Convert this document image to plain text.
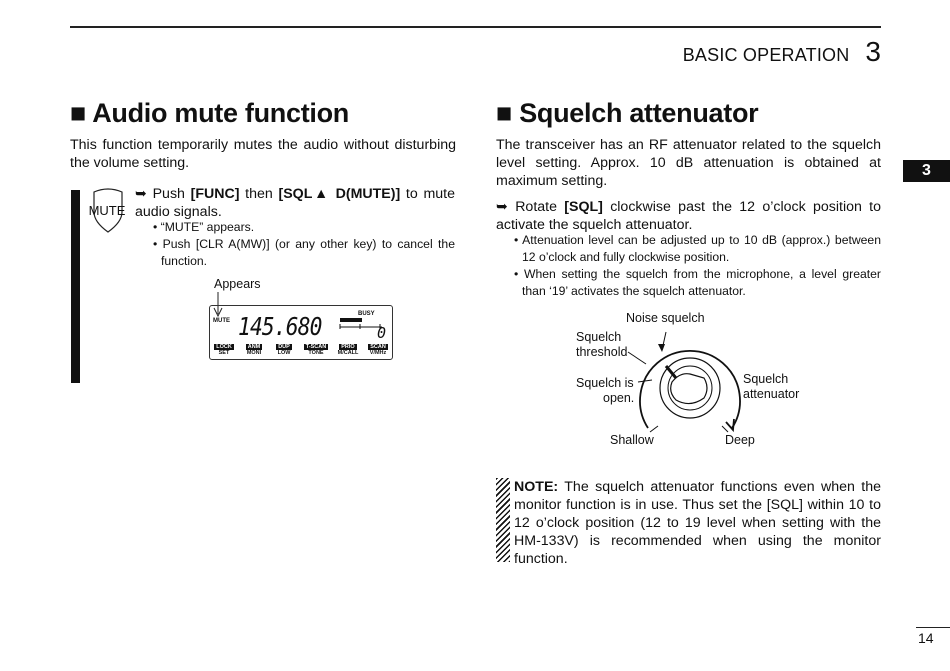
BASIC OPERATION 3
3
■ Audio mute function
This function temporarily mutes the audio without disturbing the volume setting.
MUTE
➥ Push [FUNC] then [SQL▲ D(MUTE)] to mute audio signals.
• “MUTE” appears.
• Push [CLR A(MW)] (or any other key) to cancel the function.
Appears
MUTE
BUSY
145.680	0
LOCK
SET
ANM
MONI
DUP
LOW
T-SCAN
TONE
PRIO
M/CALL
SCAN
V/MHz
■ Squelch attenuator
The transceiver has an RF attenuator related to the squelch level setting. Approx. 10 dB attenuation is obtained at maximum setting.
➥ Rotate [SQL] clockwise past the 12 o’clock position to activate the squelch attenuator.
• Attenuation level can be adjusted up to 10 dB (approx.) between 12 o’clock and fully clockwise position.
• When setting the squelch from the microphone, a level greater than ‘19’ activates the squelch attenuator.
Noise squelch
Squelch
threshold
Squelch is
open.
Squelch
attenuator
Shallow	Deep
NOTE: The squelch attenuator functions even when the monitor function is in use. Thus set the [SQL] within 10 to 12 o’clock position (12 to 19 level when setting with the HM-133V) is recommended when using the monitor function.
14
